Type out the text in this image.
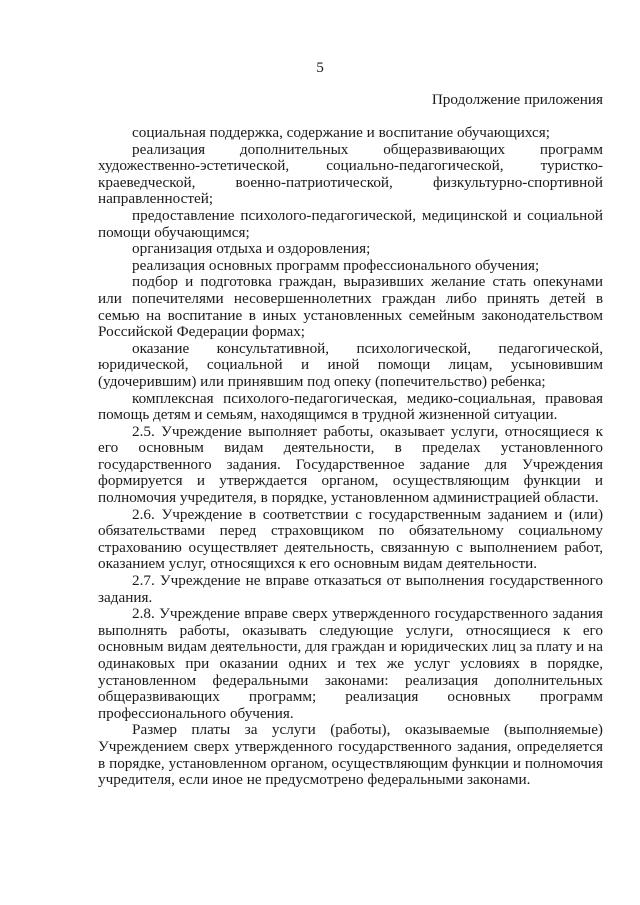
5
Продолжение приложения

социальная поддержка, содержание и воспитание обучающихся;

реализация дополнительных общеразвивающих программ художественно-эстетической, социально-педагогической, туристко-краеведческой, военно-патриотической, физкультурно-спортивной направленностей;

предоставление психолого-педагогической, медицинской и социальной помощи обучающимся;

организация отдыха и оздоровления;

реализация основных программ профессионального обучения;

подбор и подготовка граждан, выразивших желание стать опекунами или попечителями несовершеннолетних граждан либо принять детей в семью на воспитание в иных установленных семейным законодательством Российской Федерации формах;

оказание консультативной, психологической, педагогической, юридической, социальной и иной помощи лицам, усыновившим (удочерившим) или принявшим под опеку (попечительство) ребенка;

комплексная психолого-педагогическая, медико-социальная, правовая помощь детям и семьям, находящимся в трудной жизненной ситуации.

2.5. Учреждение выполняет работы, оказывает услуги, относящиеся к его основным видам деятельности, в пределах установленного государственного задания. Государственное задание для Учреждения формируется и утверждается органом, осуществляющим функции и полномочия учредителя, в порядке, установленном администрацией области.

2.6. Учреждение в соответствии с государственным заданием и (или) обязательствами перед страховщиком по обязательному социальному страхованию осуществляет деятельность, связанную с выполнением работ, оказанием услуг, относящихся к его основным видам деятельности.

2.7. Учреждение не вправе отказаться от выполнения государственного задания.

2.8. Учреждение вправе сверх утвержденного государственного задания выполнять работы, оказывать следующие услуги, относящиеся к его основным видам деятельности, для граждан и юридических лиц за плату и на одинаковых при оказании одних и тех же услуг условиях в порядке, установленном федеральными законами: реализация дополнительных общеразвивающих программ; реализация основных программ профессионального обучения.

Размер платы за услуги (работы), оказываемые (выполняемые) Учреждением сверх утвержденного государственного задания, определяется в порядке, установленном органом, осуществляющим функции и полномочия учредителя, если иное не предусмотрено федеральными законами.
